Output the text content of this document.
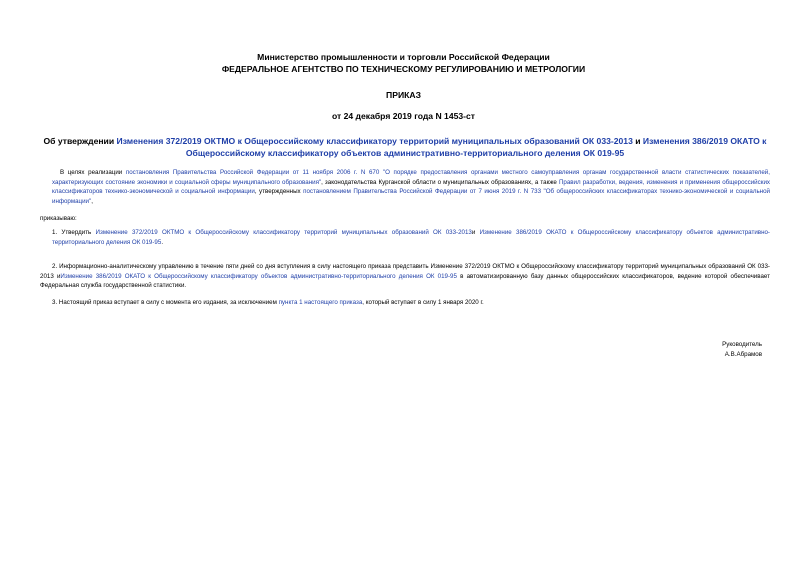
Министерство промышленности и торговли Российской Федерации
ФЕДЕРАЛЬНОЕ АГЕНТСТВО ПО ТЕХНИЧЕСКОМУ РЕГУЛИРОВАНИЮ И МЕТРОЛОГИИ
ПРИКАЗ
от 24 декабря 2019 года N 1453-ст
Об утверждении Изменения 372/2019 ОКТМО к Общероссийскому классификатору территорий муниципальных образований ОК 033-2013 и Изменения 386/2019 ОКАТО к Общероссийскому классификатору объектов административно-территориального деления ОК 019-95
В целях реализации постановления Правительства Российской Федерации от 11 ноября 2006 г. N 670 "О порядке предоставления органами местного самоуправления органам государственной власти статистических показателей, характеризующих состояние экономики и социальной сферы муниципального образования", законодательства Курганской области о муниципальных образованиях, а также Правил разработки, ведения, изменения и применения общероссийских классификаторов технико-экономической и социальной информации, утвержденных постановлением Правительства Российской Федерации от 7 июня 2019 г. N 733 "Об общероссийских классификаторах технико-экономической и социальной информации",
приказываю:
1. Утвердить Изменение 372/2019 ОКТМО к Общероссийскому классификатору территорий муниципальных образований ОК 033-2013и Изменение 386/2019 ОКАТО к Общероссийскому классификатору объектов административно-территориального деления ОК 019-95.
2. Информационно-аналитическому управлению в течение пяти дней со дня вступления в силу настоящего приказа представить Изменение 372/2019 ОКТМО к Общероссийскому классификатору территорий муниципальных образований ОК 033-2013 иИзменение 386/2019 ОКАТО к Общероссийскому классификатору объектов административно-территориального деления ОК 019-95 в автоматизированную базу данных общероссийских классификаторов, ведение которой обеспечивает Федеральная служба государственной статистики.
3. Настоящий приказ вступает в силу с момента его издания, за исключением пункта 1 настоящего приказа, который вступает в силу 1 января 2020 г.
Руководитель
А.В.Абрамов
